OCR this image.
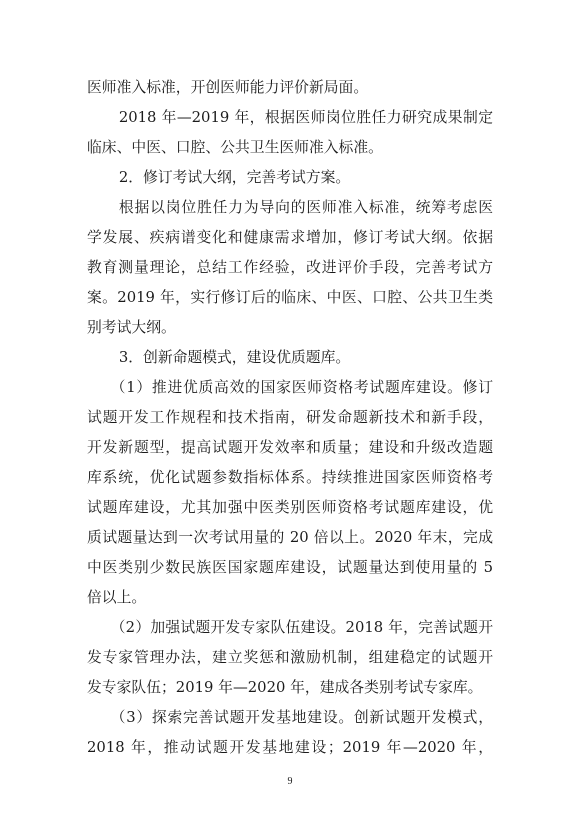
医师准入标准，开创医师能力评价新局面。
2018 年—2019 年，根据医师岗位胜任力研究成果制定
临床、中医、口腔、公共卫生医师准入标准。
2．修订考试大纲，完善考试方案。
根据以岗位胜任力为导向的医师准入标准，统筹考虑医
学发展、疾病谱变化和健康需求增加，修订考试大纲。依据
教育测量理论，总结工作经验，改进评价手段，完善考试方
案。2019 年，实行修订后的临床、中医、口腔、公共卫生类
别考试大纲。
3．创新命题模式，建设优质题库。
（1）推进优质高效的国家医师资格考试题库建设。修订
试题开发工作规程和技术指南，研发命题新技术和新手段，
开发新题型，提高试题开发效率和质量；建设和升级改造题
库系统，优化试题参数指标体系。持续推进国家医师资格考
试题库建设，尤其加强中医类别医师资格考试题库建设，优
质试题量达到一次考试用量的 20 倍以上。2020 年末，完成
中医类别少数民族医国家题库建设，试题量达到使用量的 5
倍以上。
（2）加强试题开发专家队伍建设。2018 年，完善试题开
发专家管理办法，建立奖惩和激励机制，组建稳定的试题开
发专家队伍；2019 年—2020 年，建成各类别考试专家库。
（3）探索完善试题开发基地建设。创新试题开发模式，
2018 年，推动试题开发基地建设；2019 年—2020 年，
9
